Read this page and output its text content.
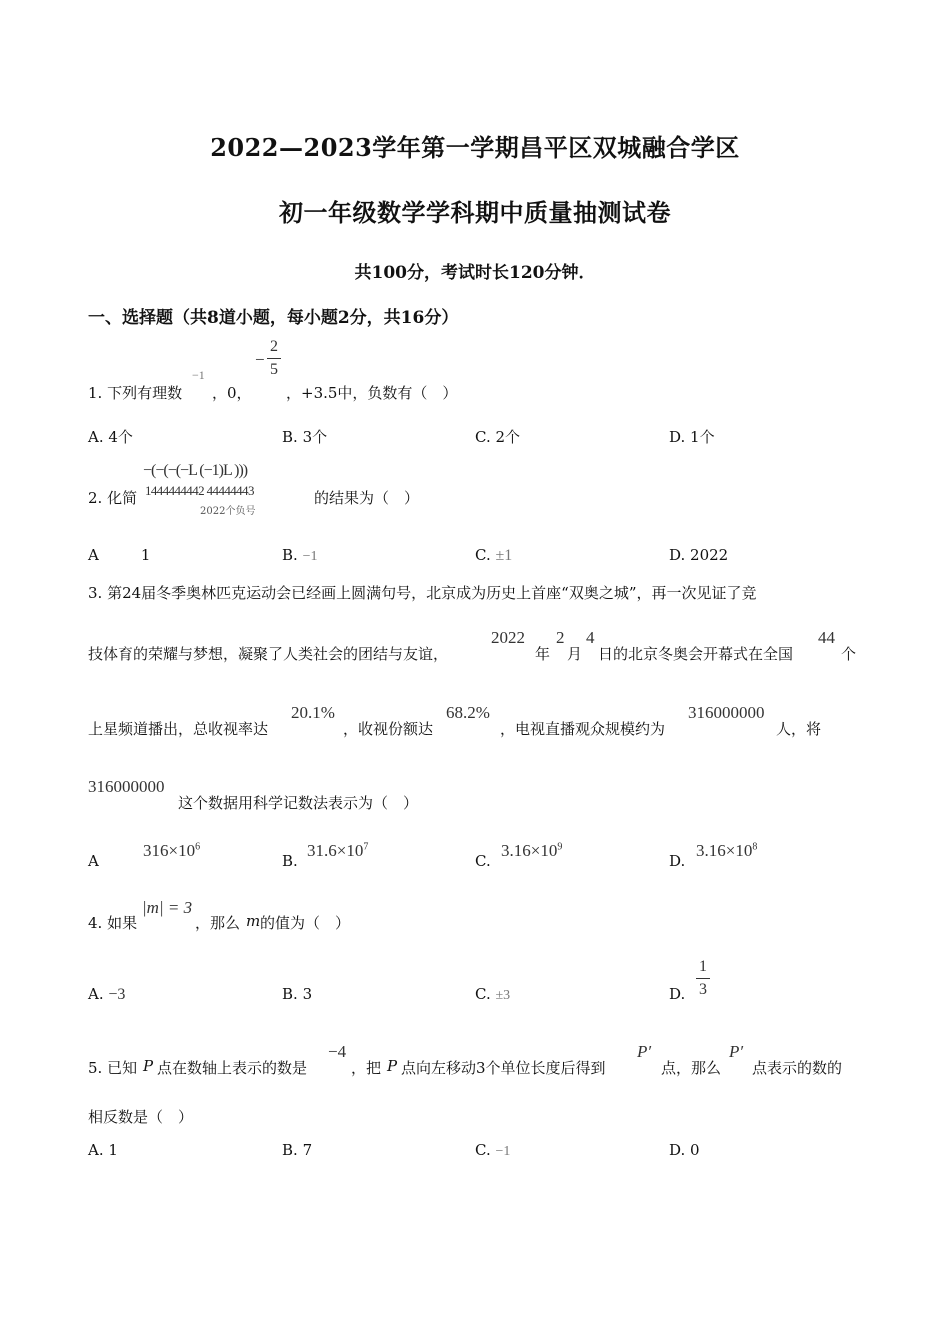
2022—2023学年第一学期昌平区双城融合学区
初一年级数学学科期中质量抽测试卷
共100分，考试时长120分钟．
一、选择题（共8道小题，每小题2分，共16分）
1. 下列有理数
−1
，0，
−
2
5
，+3.5中，负数有（　）
A. 4个	B. 3个	C. 2个	D. 1个
2. 化简
−(−(−(−L (−1)L )))
1444444442 44444443
2022个负号
的结果为（　）
A	1	B. −1	C. ±1	D. 2022
3. 第24届冬季奥林匹克运动会已经画上圆满句号，北京成为历史上首座“双奥之城”，再一次见证了竞
技体育的荣耀与梦想，凝聚了人类社会的团结与友谊，
2022
年
2
月
4
日的北京冬奥会开幕式在全国
44
个
上星频道播出，总收视率达
20.1%
，收视份额达
68.2%
，电视直播观众规模约为
316000000
人，将
316000000
这个数据用科学记数法表示为（　）
A
$316\times 10^6$
B.
$31.6\times 10^7$
C.
$3.16\times 10^9$
D.
$3.16\times 10^8$
4. 如果
|m| = 3
，那么 m 的值为（　）
A. −3	B. 3	C. ±3	D.
1
3
5. 已知 P 点在数轴上表示的数是
−4
，把 P 点向左移动3个单位长度后得到
P′
点，那么
P′
点表示的数的
相反数是（　）
A. 1	B. 7	C. −1	D. 0
